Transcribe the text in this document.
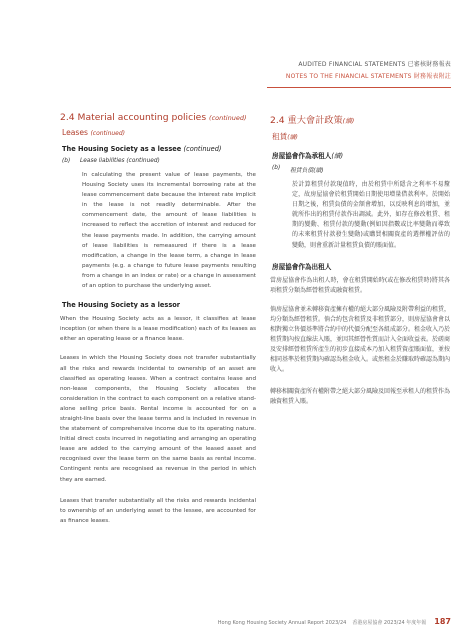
AUDITED FINANCIAL STATEMENTS 已審核財務報表
NOTES TO THE FINANCIAL STATEMENTS 財務報表附註
2.4 Material accounting policies (continued)
Leases (continued)
The Housing Society as a lessee (continued)
(b)	Lease liabilities (continued)

In calculating the present value of lease payments, the Housing Society uses its incremental borrowing rate at the lease commencement date because the interest rate implicit in the lease is not readily determinable. After the commencement date, the amount of lease liabilities is increased to reflect the accretion of interest and reduced for the lease payments made. In addition, the carrying amount of lease liabilities is remeasured if there is a lease modification, a change in the lease term, a change in lease payments (e.g. a change to future lease payments resulting from a change in an index or rate) or a change in assessment of an option to purchase the underlying asset.

The Housing Society as a lessor

When the Housing Society acts as a lessor, it classifies at lease inception (or when there is a lease modification) each of its leases as either an operating lease or a finance lease.

Leases in which the Housing Society does not transfer substantially all the risks and rewards incidental to ownership of an asset are classified as operating leases. When a contract contains lease and non-lease components, the Housing Society allocates the consideration in the contract to each component on a relative stand-alone selling price basis. Rental income is accounted for on a straight-line basis over the lease terms and is included in revenue in the statement of comprehensive income due to its operating nature. Initial direct costs incurred in negotiating and arranging an operating lease are added to the carrying amount of the leased asset and recognised over the lease term on the same basis as rental income. Contingent rents are recognised as revenue in the period in which they are earned.

Leases that transfer substantially all the risks and rewards incidental to ownership of an underlying asset to the lessee, are accounted for as finance leases.

2.4 重大會計政策(續)
租賃(續)
房屋協會作為承租人(續)
(b)	租賃負債(續)

於計算租賃付款現值時，由於租賃中所隱含之利率不易釐定，故房屋協會於租賃開始日期使用增量借款利率。於開始日期之後，租賃負債的金額會增加，以反映利息的增加，並就所作出的租賃付款作出調減。此外，如存在修改租賃、租期的變動、租賃付款的變動(例如因指數或比率變動而導致的未來租賃付款發生變動)或購買相關資產的選擇權評估的變動，則會重新計量租賃負債的賬面值。

房屋協會作為出租人

當房屋協會作為出租人時，會在租賃開始時(或在修改租賃時)將其各項租賃分類為經營租賃或融資租賃。

倘房屋協會並未轉移資產擁有權的絕大部分風險及附帶利益的租賃，均分類為經營租賃。倘合約包含租賃及非租賃部分，則房屋協會會以相對獨立售價基準將合約中的代價分配至各組成部分。租金收入乃於租賃期內按直線法入賬，並因其經營性質而計入全面收益表。於磋商及安排經營租賃所產生的初步直接成本乃加入租賃資產賬面值，並按相同基準於租賃期內確認為租金收入。或然租金於賺取時確認為期內收入。

轉移相關資產所有權附帶之絕大部分風險及回報至承租人的租賃作為融資租賃入賬。

Hong Kong Housing Society Annual Report 2023/24 香港房屋協會 2023/24 年度年報 187
